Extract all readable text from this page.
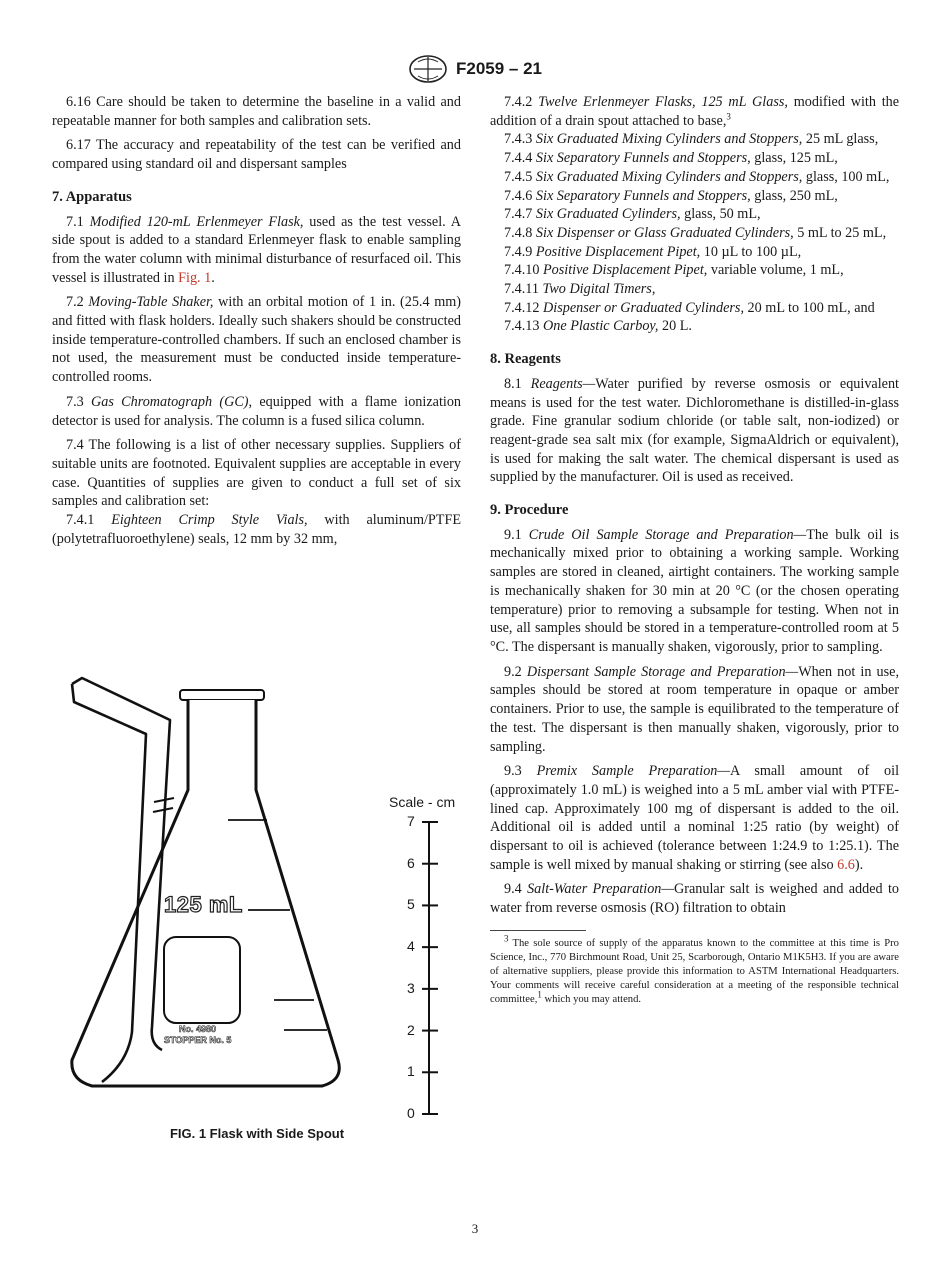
F2059 – 21

6.16 Care should be taken to determine the baseline in a valid and repeatable manner for both samples and calibration sets.

6.17 The accuracy and repeatability of the test can be verified and compared using standard oil and dispersant samples

7. Apparatus

7.1 Modified 120-mL Erlenmeyer Flask, used as the test vessel. A side spout is added to a standard Erlenmeyer flask to enable sampling from the water column with minimal disturbance of resurfaced oil. This vessel is illustrated in Fig. 1.

7.2 Moving-Table Shaker, with an orbital motion of 1 in. (25.4 mm) and fitted with flask holders. Ideally such shakers should be constructed inside temperature-controlled chambers. If such an enclosed chamber is not used, the measurement must be conducted inside temperature-controlled rooms.

7.3 Gas Chromatograph (GC), equipped with a flame ionization detector is used for analysis. The column is a fused silica column.

7.4 The following is a list of other necessary supplies. Suppliers of suitable units are footnoted. Equivalent supplies are acceptable in every case. Quantities of supplies are given to conduct a full set of six samples and calibration set:

7.4.1 Eighteen Crimp Style Vials, with aluminum/PTFE (polytetrafluoroethylene) seals, 12 mm by 32 mm,

125 mL
No. 4980
STOPPER No. 5
Scale - cm
7
6
5
4
3
2
1
0
FIG. 1 Flask with Side Spout

7.4.2 Twelve Erlenmeyer Flasks, 125 mL Glass, modified with the addition of a drain spout attached to base,$^3$

7.4.3 Six Graduated Mixing Cylinders and Stoppers, 25 mL glass,

7.4.4 Six Separatory Funnels and Stoppers, glass, 125 mL,

7.4.5 Six Graduated Mixing Cylinders and Stoppers, glass, 100 mL,

7.4.6 Six Separatory Funnels and Stoppers, glass, 250 mL,

7.4.7 Six Graduated Cylinders, glass, 50 mL,

7.4.8 Six Dispenser or Glass Graduated Cylinders, 5 mL to 25 mL,

7.4.9 Positive Displacement Pipet, 10 µL to 100 µL,

7.4.10 Positive Displacement Pipet, variable volume, 1 mL,

7.4.11 Two Digital Timers,

7.4.12 Dispenser or Graduated Cylinders, 20 mL to 100 mL, and

7.4.13 One Plastic Carboy, 20 L.

8. Reagents

8.1 Reagents—Water purified by reverse osmosis or equivalent means is used for the test water. Dichloromethane is distilled-in-glass grade. Fine granular sodium chloride (or table salt, non-iodized) or reagent-grade sea salt mix (for example, SigmaAldrich or equivalent), is used for making the salt water. The chemical dispersant is used as supplied by the manufacturer. Oil is used as received.

9. Procedure

9.1 Crude Oil Sample Storage and Preparation—The bulk oil is mechanically mixed prior to obtaining a working sample. Working samples are stored in cleaned, airtight containers. The working sample is mechanically shaken for 30 min at 20 °C (or the chosen operating temperature) prior to removing a subsample for testing. When not in use, all samples should be stored in a temperature-controlled room at 5 °C. The dispersant is manually shaken, vigorously, prior to sampling.

9.2 Dispersant Sample Storage and Preparation—When not in use, samples should be stored at room temperature in opaque or amber containers. Prior to use, the sample is equilibrated to the temperature of the test. The dispersant is then manually shaken, vigorously, prior to sampling.

9.3 Premix Sample Preparation—A small amount of oil (approximately 1.0 mL) is weighed into a 5 mL amber vial with PTFE-lined cap. Approximately 100 mg of dispersant is added to the oil. Additional oil is added until a nominal 1:25 ratio (by weight) of dispersant to oil is achieved (tolerance between 1:24.9 to 1:25.1). The sample is well mixed by manual shaking or stirring (see also 6.6).

9.4 Salt-Water Preparation—Granular salt is weighed and added to water from reverse osmosis (RO) filtration to obtain

$^3$ The sole source of supply of the apparatus known to the committee at this time is Pro Science, Inc., 770 Birchmount Road, Unit 25, Scarborough, Ontario M1K5H3. If you are aware of alternative suppliers, please provide this information to ASTM International Headquarters. Your comments will receive careful consideration at a meeting of the responsible technical committee,$^1$ which you may attend.

3
